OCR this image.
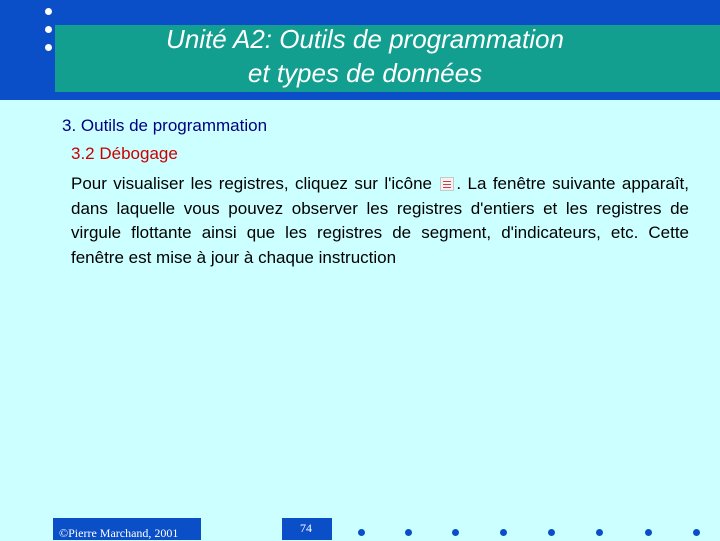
Unité A2: Outils de programmation
et types de données
3. Outils de programmation
3.2 Débogage
Pour visualiser les registres, cliquez sur l'icône . La fenêtre suivante apparaît, dans laquelle vous pouvez observer les registres d'entiers et les registres de virgule flottante ainsi que les registres de segment, d'indicateurs, etc. Cette fenêtre est mise à jour à chaque instruction
©Pierre Marchand, 2001	74
